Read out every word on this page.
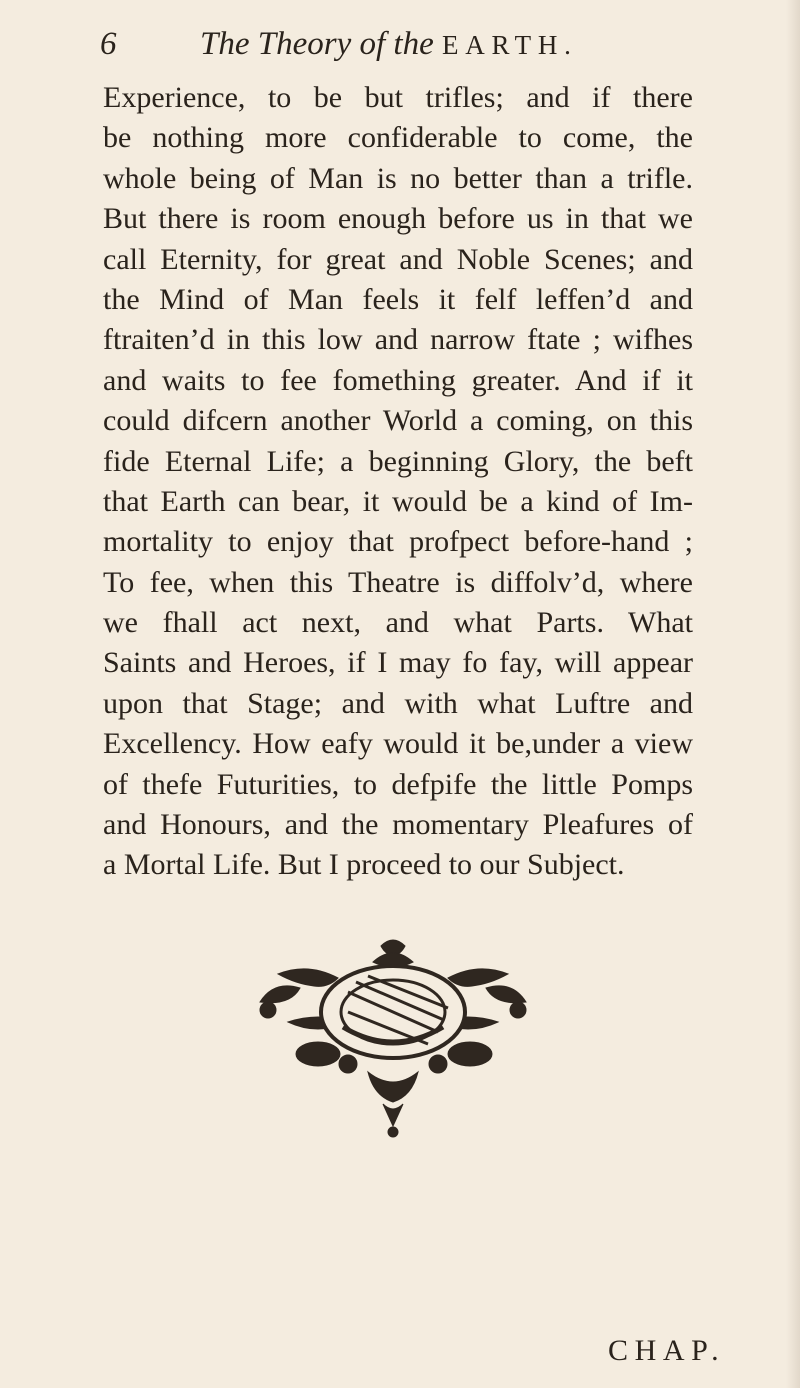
6	The Theory of the EARTH.
Experience, to be but trifles; and if there
be nothing more confiderable to come, the
whole being of Man is no better than a trifle.
But there is room enough before us in that we
call Eternity, for great and Noble Scenes; and
the Mind of Man feels it felf leffen’d and
ftraiten’d in this low and narrow ftate ; wifhes
and waits to fee fomething greater. And if it
could difcern another World a coming, on this
fide Eternal Life; a beginning Glory, the beft
that Earth can bear, it would be a kind of Im-
mortality to enjoy that profpect before-hand ;
To fee, when this Theatre is diffolv’d, where
we fhall act next, and what Parts. What
Saints and Heroes, if I may fo fay, will appear
upon that Stage; and with what Luftre and
Excellency. How eafy would it be,under a view
of thefe Futurities, to defpife the little Pomps
and Honours, and the momentary Pleafures of
a Mortal Life. But I proceed to our Subject.
CHAP.
